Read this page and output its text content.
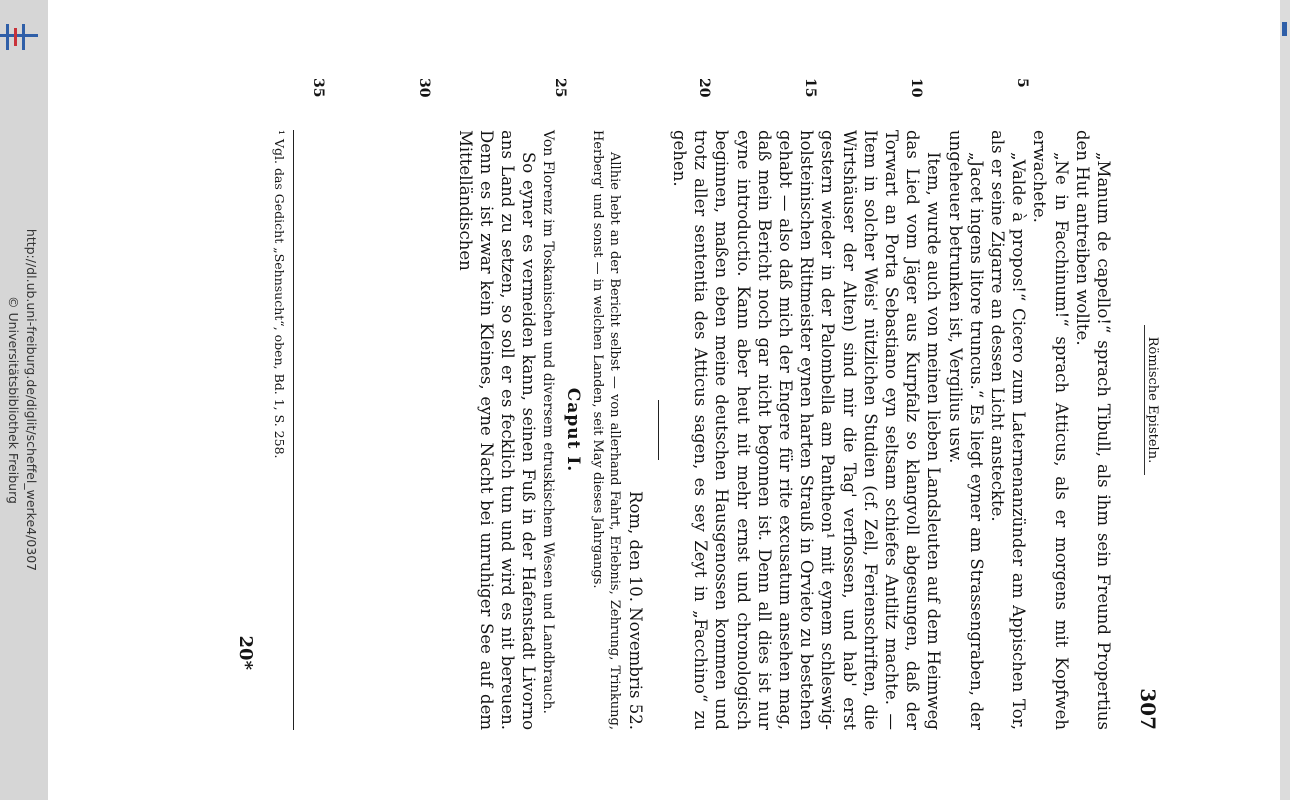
http://dl.ub.uni-freiburg.de/diglit/scheffel_werke4/0307
© Universitätsbibliothek Freiburg	Römische Episteln.
307
5
10
15
20
25
30
35

„Manum de capello!“ sprach Tibull, als ihm sein Freund Propertius den Hut antreiben wollte.

„Ne in Facchinum!“ sprach Atticus, als er morgens mit Kopfweh erwachete.

„Valde à propos!“ Cicero zum Laternenanzünder am Appischen Tor, als er seine Zigarre an dessen Licht ansteckte.

„Jacet ingens litore truncus.“ Es liegt eyner am Strassengraben, der ungeheuer betrunken ist, Vergilius usw.

Item, wurde auch von meinen lieben Landsleuten auf dem Heimweg das Lied vom Jäger aus Kurpfalz so klangvoll abgesungen, daß der Torwart an Porta Sebastiano eyn seltsam schiefes Antlitz machte. — Item in solcher Weis' nützlichen Studien (cf. Zell, Ferienschriften, die Wirtshäuser der Alten) sind mir die Tag' verflossen, und hab' erst gestern wieder in der Palombella am Pantheon¹ mit eynem schleswig-holsteinischen Rittmeister eynen harten Strauß in Orvieto zu bestehen gehabt — also daß mich der Engere für rite excusatum ansehen mag, daß mein Bericht noch gar nicht begonnen ist. Denn all dies ist nur eyne introductio. Kann aber heut nit mehr ernst und chronologisch beginnen, maßen eben meine deutschen Hausgenossen kommen und trotz aller sententia des Atticus sagen, es sey Zeyt in „Facchino“ zu gehen.

Rom, den 10. Novembris 52.

Allhie hebt an der Bericht selbst — von allerhand Fahrt, Erlebnis, Zehrung, Trinkung, Herberg' und sonst — in welchen Landen, seit May dieses Jahrgangs.

Caput I.

Von Florenz im Toskanischen und diversem etruskischem Wesen und Landbrauch.

So eyner es vermeiden kann, seinen Fuß in der Hafenstadt Livorno ans Land zu setzen, so soll er es fecklich tun und wird es nit bereuen. Denn es ist zwar kein Kleines, eyne Nacht bei unruhiger See auf dem Mittelländischen

¹ Vgl. das Gedicht „Sehnsucht“, oben, Bd. 1, S. 258.
20*
